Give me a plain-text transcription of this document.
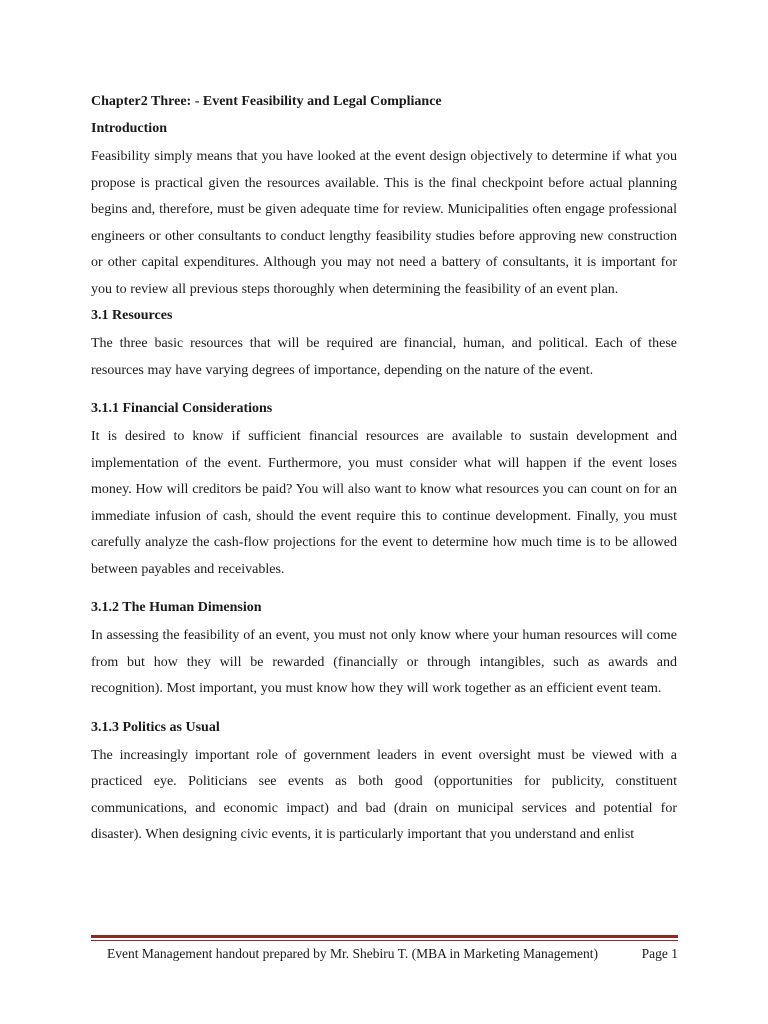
Chapter2 Three: - Event Feasibility and Legal Compliance
Introduction

Feasibility simply means that you have looked at the event design objectively to determine if what you propose is practical given the resources available. This is the final checkpoint before actual planning begins and, therefore, must be given adequate time for review. Municipalities often engage professional engineers or other consultants to conduct lengthy feasibility studies before approving new construction or other capital expenditures. Although you may not need a battery of consultants, it is important for you to review all previous steps thoroughly when determining the feasibility of an event plan.

3.1 Resources

The three basic resources that will be required are financial, human, and political. Each of these resources may have varying degrees of importance, depending on the nature of the event.

3.1.1 Financial Considerations

It is desired to know if sufficient financial resources are available to sustain development and implementation of the event. Furthermore, you must consider what will happen if the event loses money. How will creditors be paid? You will also want to know what resources you can count on for an immediate infusion of cash, should the event require this to continue development. Finally, you must carefully analyze the cash-flow projections for the event to determine how much time is to be allowed between payables and receivables.

3.1.2 The Human Dimension

In assessing the feasibility of an event, you must not only know where your human resources will come from but how they will be rewarded (financially or through intangibles, such as awards and recognition). Most important, you must know how they will work together as an efficient event team.

3.1.3 Politics as Usual

The increasingly important role of government leaders in event oversight must be viewed with a practiced eye. Politicians see events as both good (opportunities for publicity, constituent communications, and economic impact) and bad (drain on municipal services and potential for disaster). When designing civic events, it is particularly important that you understand and enlist

Event Management handout prepared by Mr. Shebiru T. (MBA in Marketing Management)	Page 1
